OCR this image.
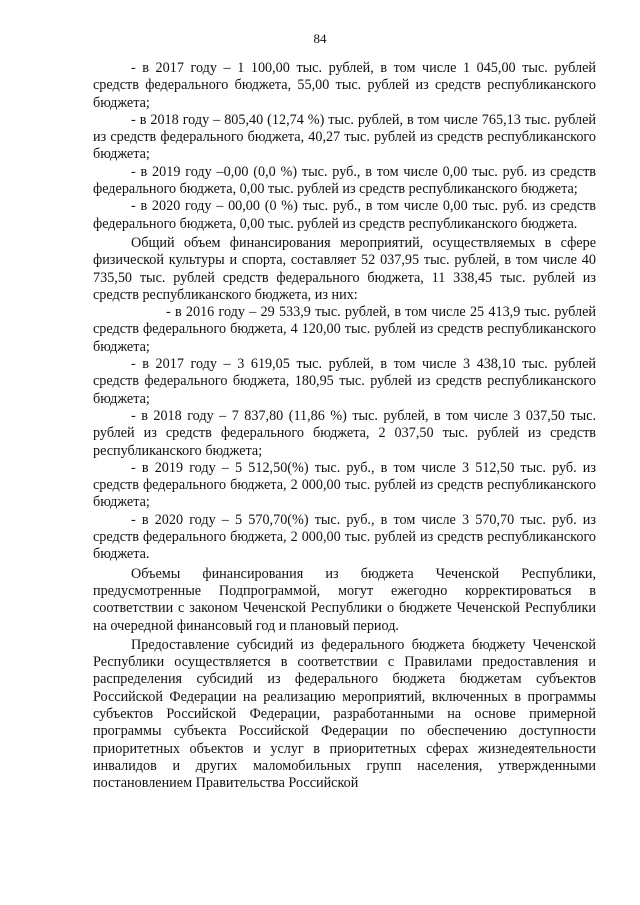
84

- в 2017 году – 1 100,00 тыс. рублей, в том числе 1 045,00 тыс. рублей средств федерального бюджета, 55,00 тыс. рублей из средств республиканского бюджета;

- в 2018 году – 805,40 (12,74 %) тыс. рублей, в том числе 765,13 тыс. рублей из средств федерального бюджета, 40,27 тыс. рублей из средств республиканского бюджета;

- в 2019 году –0,00 (0,0 %) тыс. руб., в том числе 0,00 тыс. руб. из средств федерального бюджета, 0,00 тыс. рублей из средств республиканского бюджета;

- в 2020 году – 00,00 (0 %) тыс. руб., в том числе 0,00 тыс. руб. из средств федерального бюджета, 0,00 тыс. рублей из средств республиканского бюджета.

Общий объем финансирования мероприятий, осуществляемых в сфере физической культуры и спорта, составляет 52 037,95 тыс. рублей, в том числе 40 735,50 тыс. рублей средств федерального бюджета, 11 338,45 тыс. рублей из средств республиканского бюджета, из них:

- в 2016 году – 29 533,9 тыс. рублей, в том числе 25 413,9 тыс. рублей средств федерального бюджета, 4 120,00 тыс. рублей из средств республиканского бюджета;

- в 2017 году – 3 619,05 тыс. рублей, в том числе 3 438,10 тыс. рублей средств федерального бюджета, 180,95 тыс. рублей из средств республиканского бюджета;

- в 2018 году – 7 837,80 (11,86 %) тыс. рублей, в том числе 3 037,50 тыс. рублей из средств федерального бюджета, 2 037,50 тыс. рублей из средств республиканского бюджета;

- в 2019 году – 5 512,50(%) тыс. руб., в том числе 3 512,50 тыс. руб. из средств федерального бюджета, 2 000,00 тыс. рублей из средств республиканского бюджета;

- в 2020 году – 5 570,70(%) тыс. руб., в том числе 3 570,70 тыс. руб. из средств федерального бюджета, 2 000,00 тыс. рублей из средств республиканского бюджета.

Объемы финансирования из бюджета Чеченской Республики, предусмотренные Подпрограммой, могут ежегодно корректироваться в соответствии с законом Чеченской Республики о бюджете Чеченской Республики на очередной финансовый год и плановый период.

Предоставление субсидий из федерального бюджета бюджету Чеченской Республики осуществляется в соответствии с Правилами предоставления и распределения субсидий из федерального бюджета бюджетам субъектов Российской Федерации на реализацию мероприятий, включенных в программы субъектов Российской Федерации, разработанными на основе примерной программы субъекта Российской Федерации по обеспечению доступности приоритетных объектов и услуг в приоритетных сферах жизнедеятельности инвалидов и других маломобильных групп населения, утвержденными постановлением Правительства Российской
